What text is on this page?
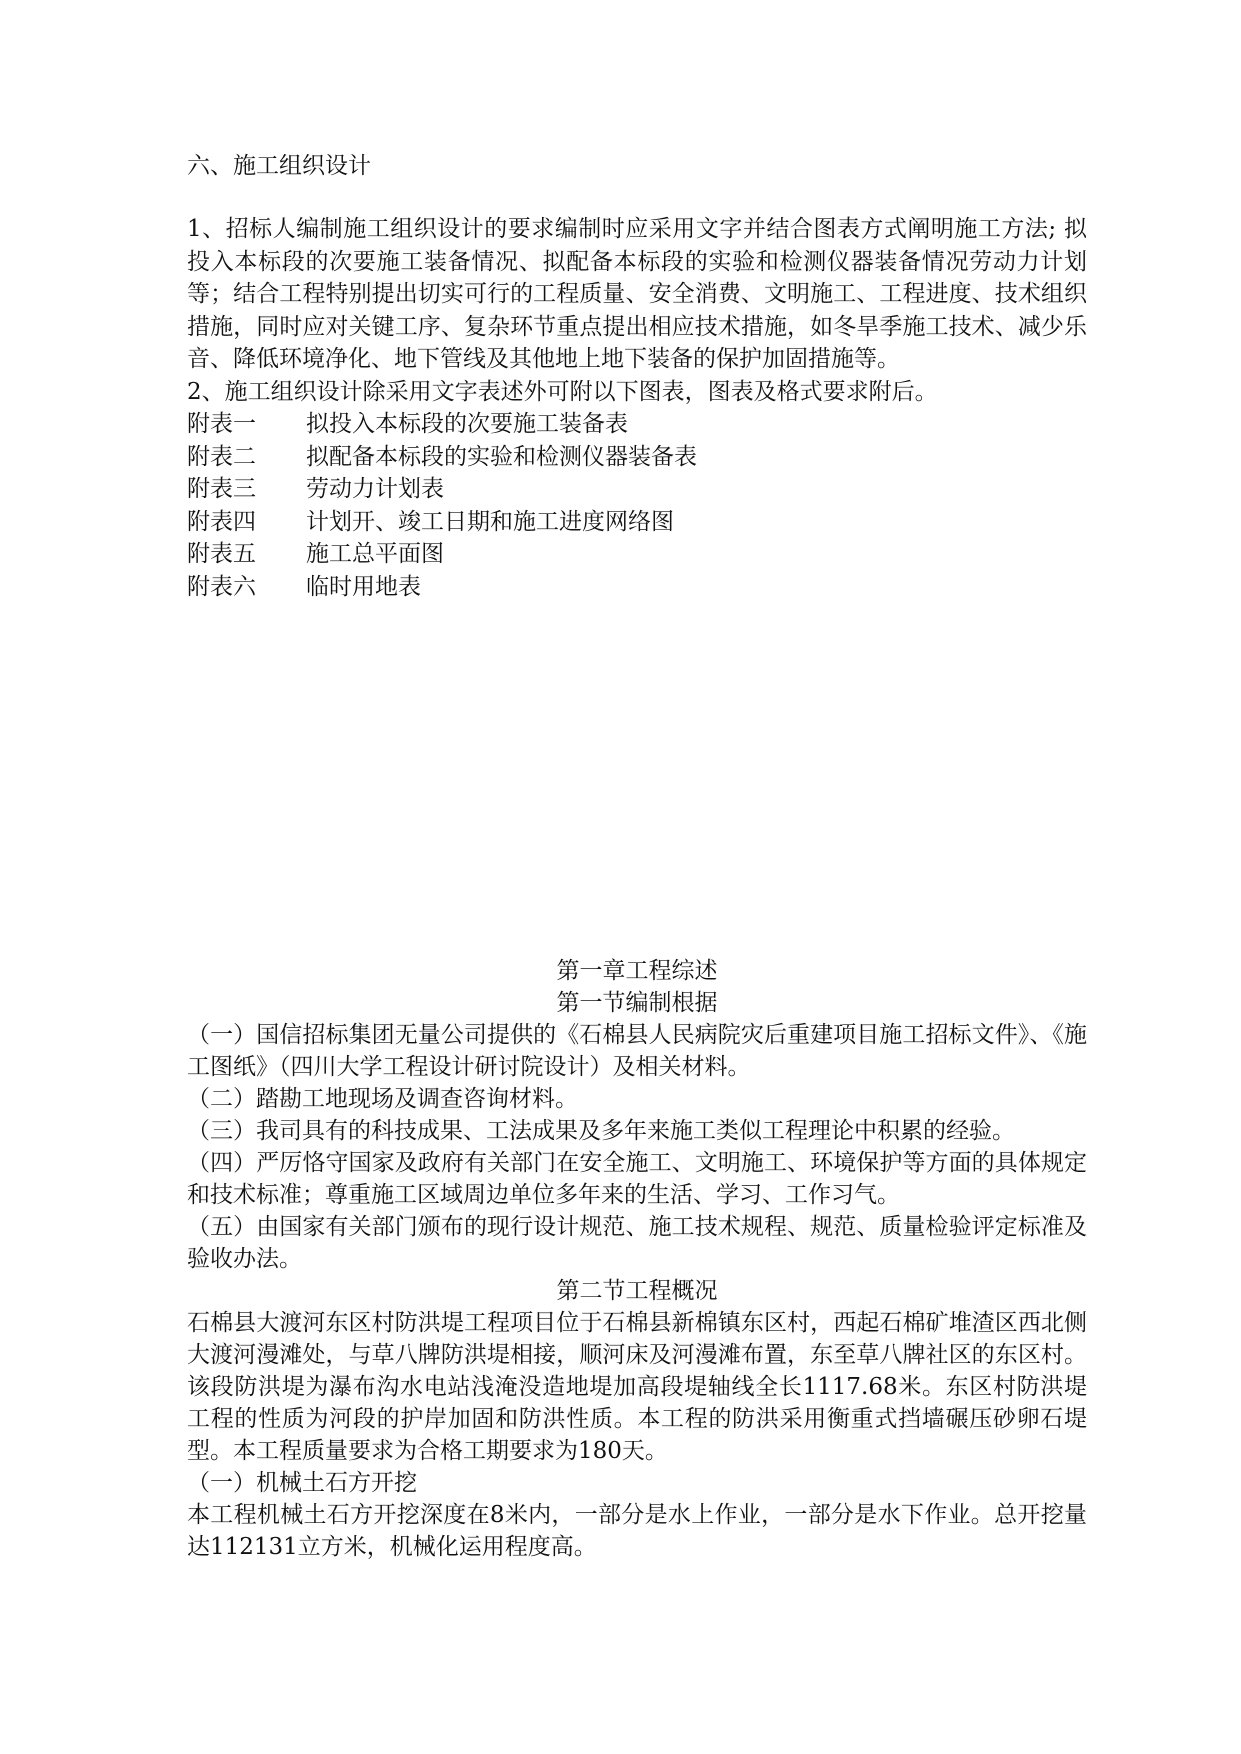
六、施工组织设计

1、招标人编制施工组织设计的要求编制时应采用文字并结合图表方式阐明施工方法; 拟投入本标段的次要施工装备情况、拟配备本标段的实验和检测仪器装备情况劳动力计划等；结合工程特别提出切实可行的工程质量、安全消费、文明施工、工程进度、技术组织措施，同时应对关键工序、复杂环节重点提出相应技术措施，如冬旱季施工技术、减少乐音、降低环境净化、地下管线及其他地上地下装备的保护加固措施等。

2、施工组织设计除采用文字表述外可附以下图表，图表及格式要求附后。

附表一	拟投入本标段的次要施工装备表
附表二	拟配备本标段的实验和检测仪器装备表
附表三	劳动力计划表
附表四	计划开、竣工日期和施工进度网络图
附表五	施工总平面图
附表六	临时用地表
第一章工程综述
第一节编制根据

（一）国信招标集团无量公司提供的《石棉县人民病院灾后重建项目施工招标文件》、《施工图纸》（四川大学工程设计研讨院设计）及相关材料。

（二）踏勘工地现场及调查咨询材料。

（三）我司具有的科技成果、工法成果及多年来施工类似工程理论中积累的经验。

（四）严厉恪守国家及政府有关部门在安全施工、文明施工、环境保护等方面的具体规定和技术标准；尊重施工区域周边单位多年来的生活、学习、工作习气。

（五）由国家有关部门颁布的现行设计规范、施工技术规程、规范、质量检验评定标准及验收办法。

第二节工程概况

石棉县大渡河东区村防洪堤工程项目位于石棉县新棉镇东区村，西起石棉矿堆渣区西北侧大渡河漫滩处，与草八牌防洪堤相接，顺河床及河漫滩布置，东至草八牌社区的东区村。该段防洪堤为瀑布沟水电站浅淹没造地堤加高段堤轴线全长1117.68米。东区村防洪堤工程的性质为河段的护岸加固和防洪性质。本工程的防洪采用衡重式挡墙碾压砂卵石堤型。本工程质量要求为合格工期要求为180天。

（一）机械土石方开挖

本工程机械土石方开挖深度在8米内，一部分是水上作业，一部分是水下作业。总开挖量达112131立方米，机械化运用程度高。
